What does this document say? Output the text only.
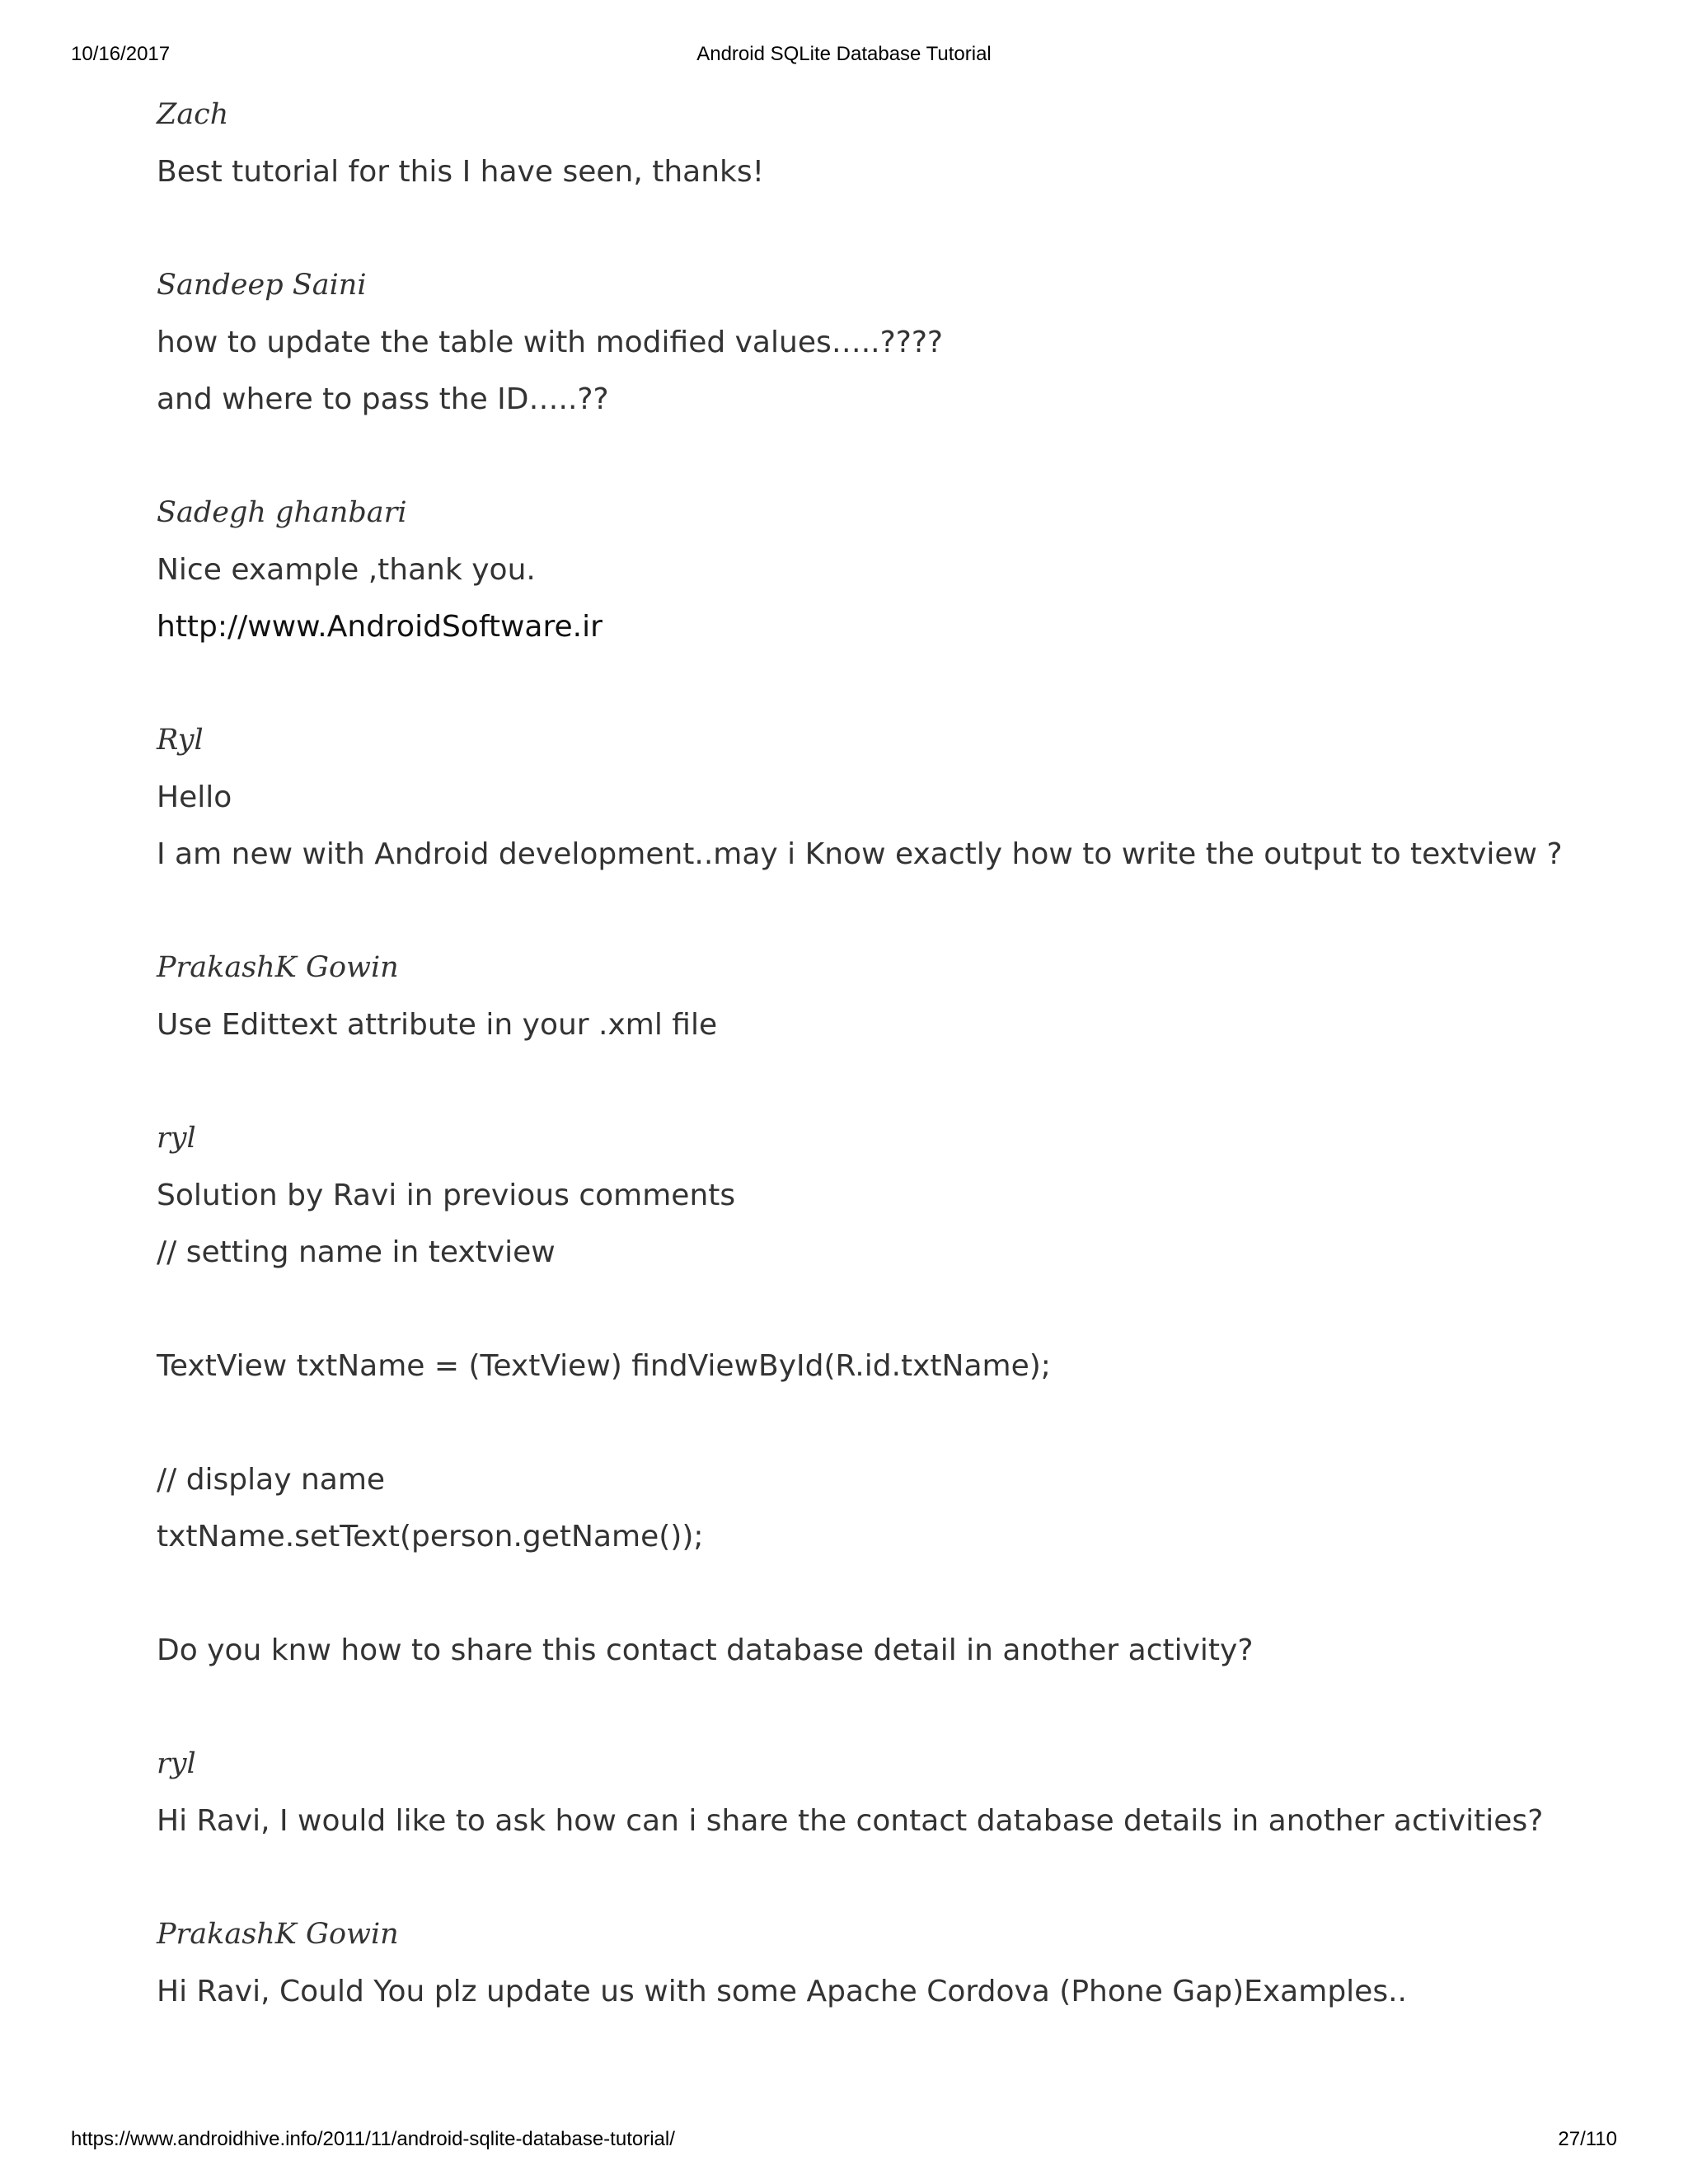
10/16/2017	Android SQLite Database Tutorial
Zach
Best tutorial for this I have seen, thanks!
Sandeep Saini
how to update the table with modified values…..????
and where to pass the ID…..??
Sadegh ghanbari
Nice example ,thank you.
http://www.AndroidSoftware.ir
Ryl
Hello
I am new with Android development..may i Know exactly how to write the output to textview ?
PrakashK Gowin
Use Edittext attribute in your .xml file
ryl
Solution by Ravi in previous comments
// setting name in textview
TextView txtName = (TextView) findViewById(R.id.txtName);
// display name
txtName.setText(person.getName());
Do you knw how to share this contact database detail in another activity?
ryl
Hi Ravi, I would like to ask how can i share the contact database details in another activities?
PrakashK Gowin
Hi Ravi, Could You plz update us with some Apache Cordova (Phone Gap)Examples..
https://www.androidhive.info/2011/11/android-sqlite-database-tutorial/	27/110
